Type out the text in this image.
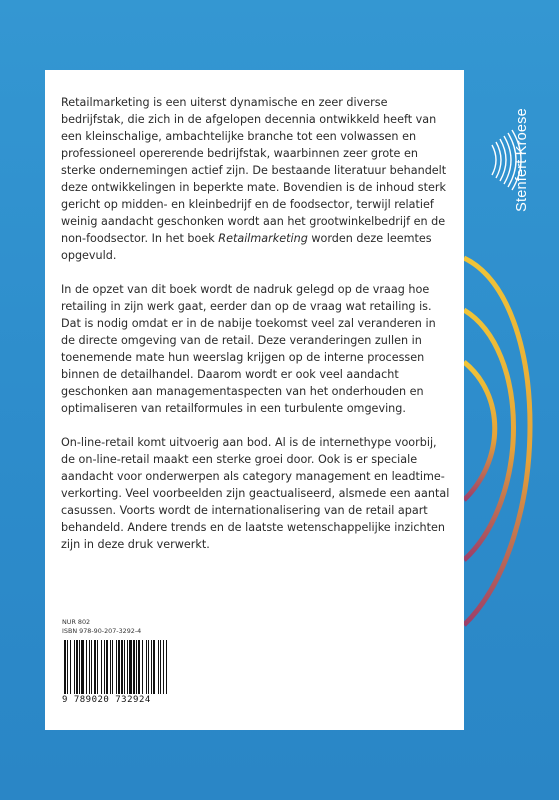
Stenfert Kroese

Retailmarketing is een uiterst dynamische en zeer diverse bedrijfstak, die zich in de afgelopen decennia ontwikkeld heeft van een kleinschalige, ambachtelijke branche tot een volwassen en professioneel opererende bedrijfstak, waarbinnen zeer grote en sterke ondernemingen actief zijn. De bestaande literatuur behandelt deze ontwikkelingen in beperkte mate. Bovendien is de inhoud sterk gericht op midden- en kleinbedrijf en de foodsector, terwijl relatief weinig aandacht geschonken wordt aan het grootwinkelbedrijf en de non-foodsector. In het boek Retailmarketing worden deze leemtes opgevuld.

In de opzet van dit boek wordt de nadruk gelegd op de vraag hoe retailing in zijn werk gaat, eerder dan op de vraag wat retailing is. Dat is nodig omdat er in de nabije toekomst veel zal veranderen in de directe omgeving van de retail. Deze veranderingen zullen in toenemende mate hun weerslag krijgen op de interne processen binnen de detailhandel. Daarom wordt er ook veel aandacht geschonken aan managementaspecten van het onderhouden en optimaliseren van retailformules in een turbulente omgeving.

On-line-retail komt uitvoerig aan bod. Al is de internethype voorbij, de on-line-retail maakt een sterke groei door. Ook is er speciale aandacht voor onderwerpen als category management en leadtime-verkorting. Veel voorbeelden zijn geactualiseerd, alsmede een aantal casussen. Voorts wordt de internationalisering van de retail apart behandeld. Andere trends en de laatste wetenschappelijke inzichten zijn in deze druk verwerkt.

NUR 802
ISBN 978-90-207-3292-4
9 789020 732924
